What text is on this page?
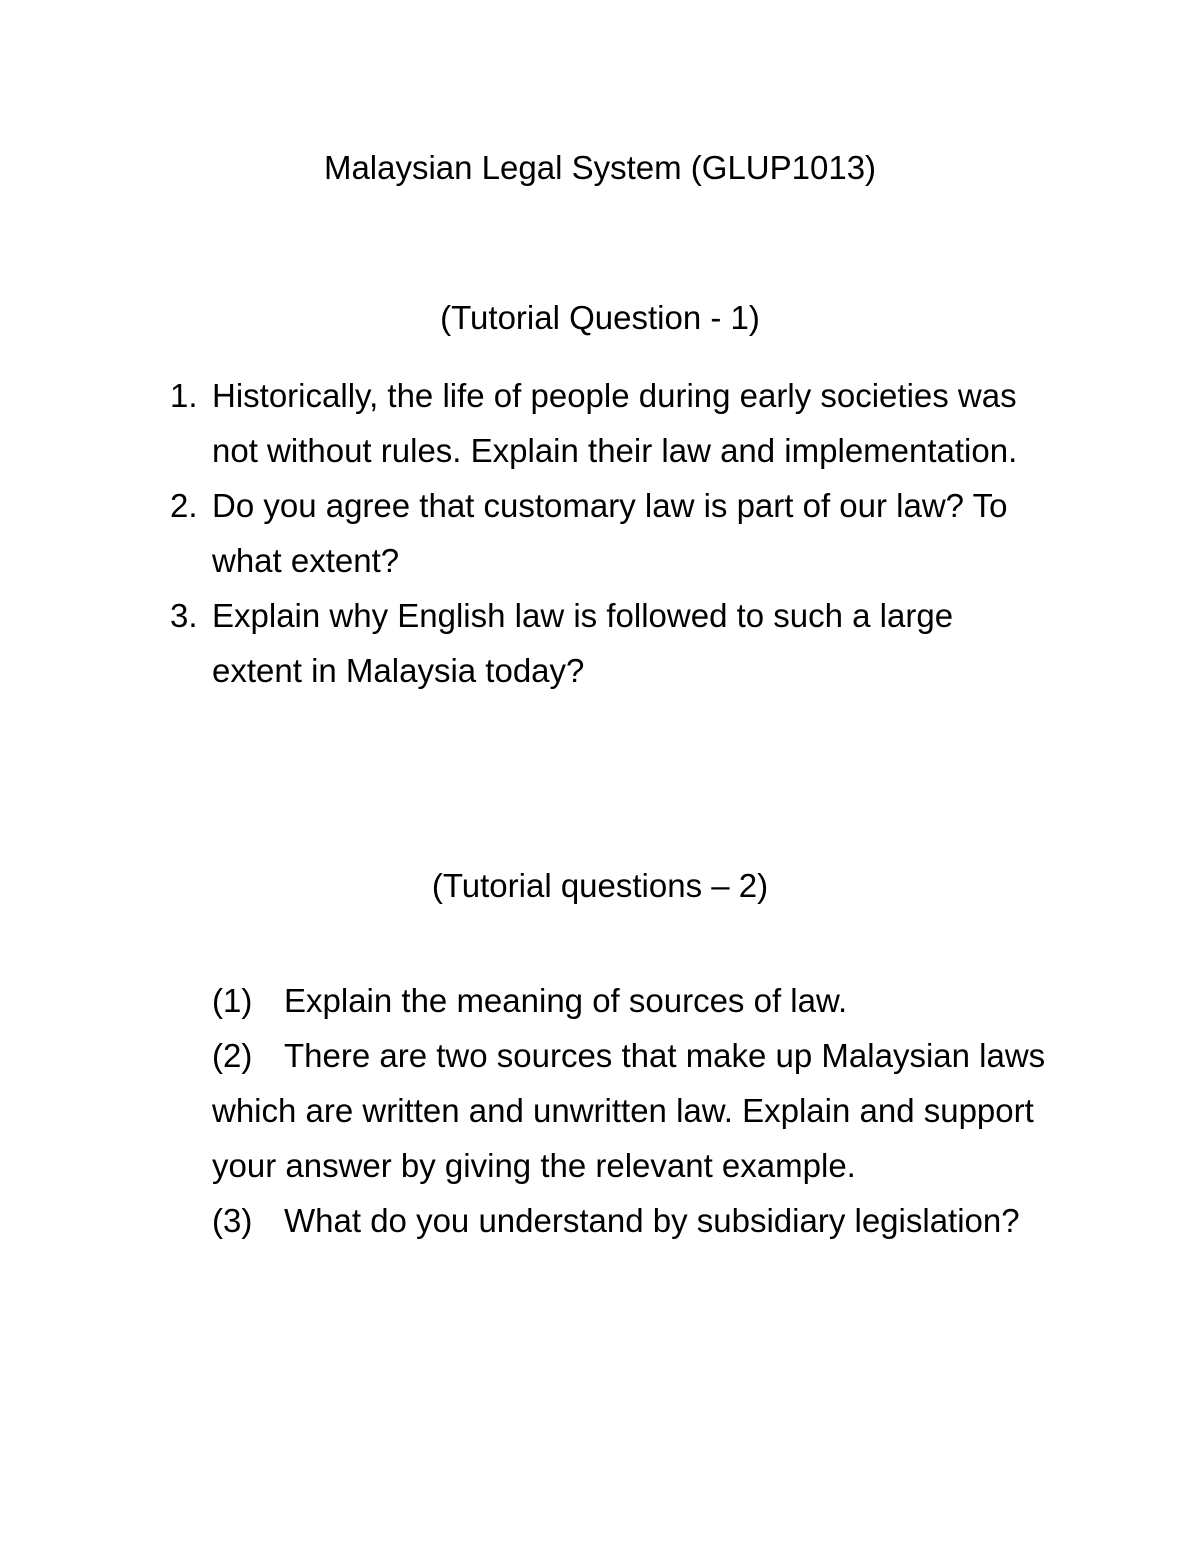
Malaysian Legal System (GLUP1013)
(Tutorial Question - 1)
1. Historically, the life of people during early societies was not without rules. Explain their law and implementation.
2. Do you agree that customary law is part of our law? To what extent?
3. Explain why English law is followed to such a large extent in Malaysia today?
(Tutorial questions – 2)
(1) Explain the meaning of sources of law.
(2) There are two sources that make up Malaysian laws which are written and unwritten law. Explain and support your answer by giving the relevant example.
(3) What do you understand by subsidiary legislation?
